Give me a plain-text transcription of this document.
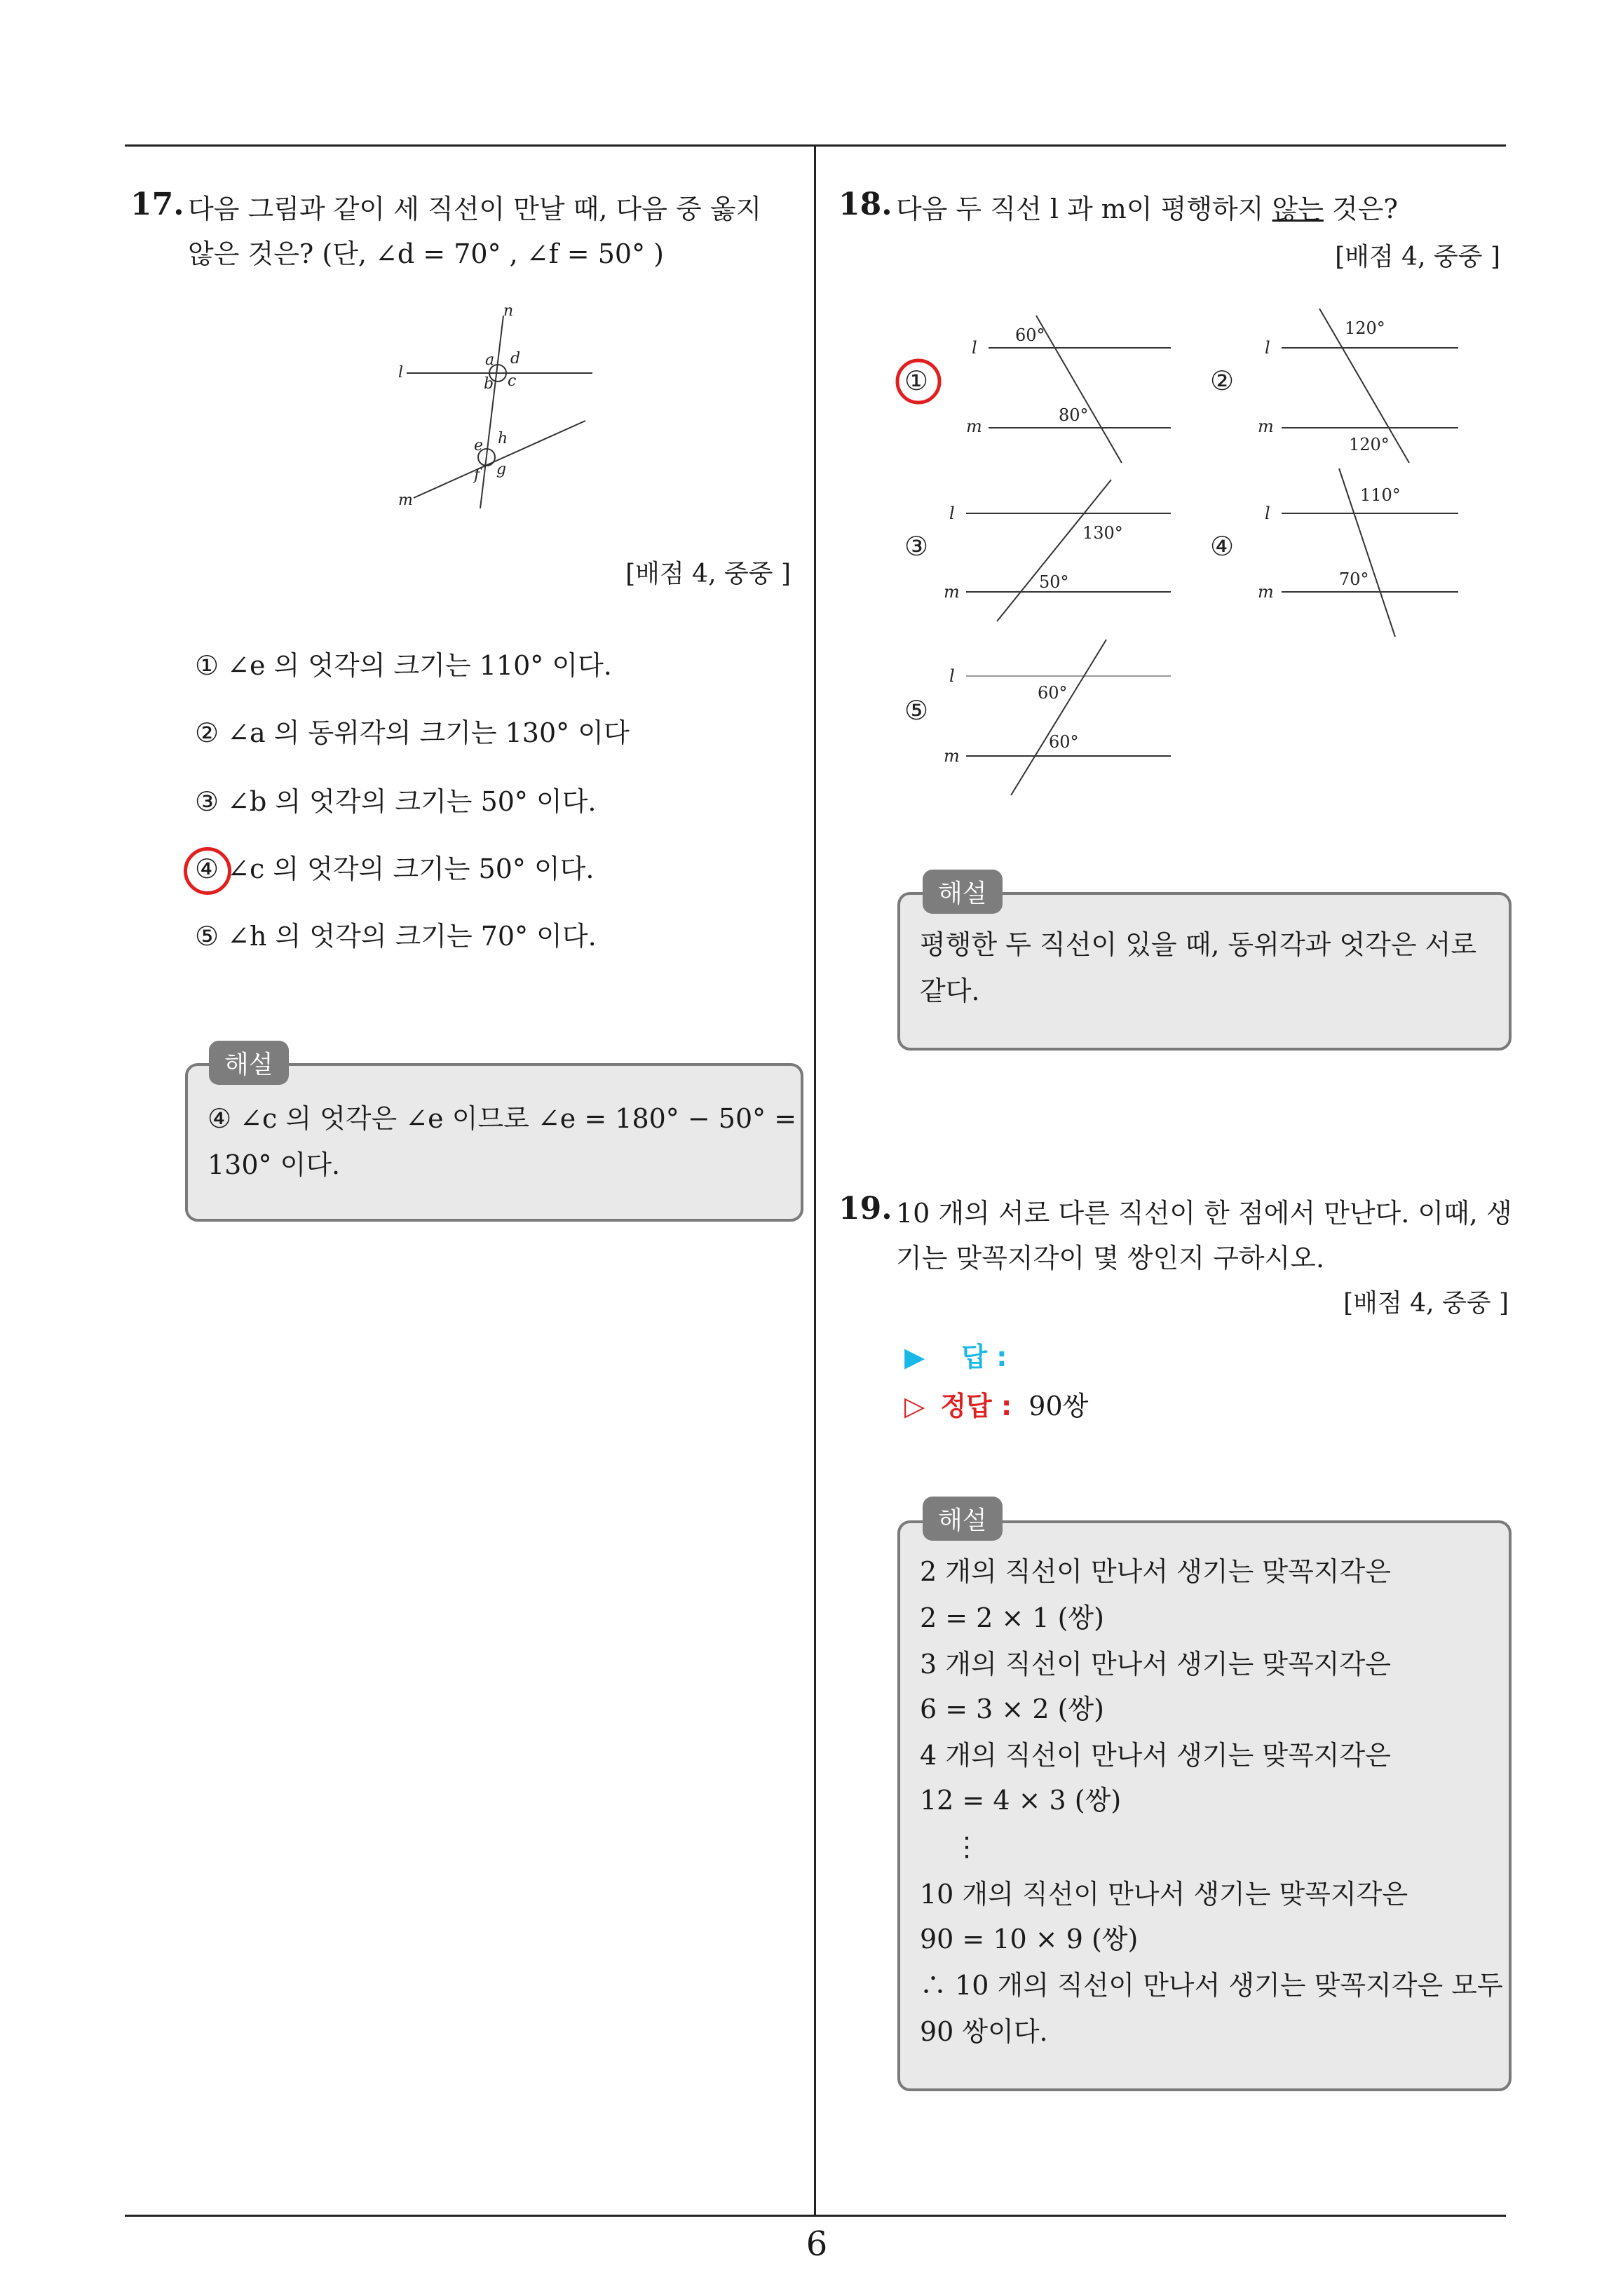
6
17. 다음 그림과 같이 세 직선이 만날 때, 다음 중 옳지
않은 것은? (단, ∠d = 70° , ∠f = 50° )
n
l
m
a d
b c
e h
f g
[배점 4, 중중 ]
① ∠e 의 엇각의 크기는 110° 이다.
② ∠a 의 동위각의 크기는 130° 이다
③ ∠b 의 엇각의 크기는 50° 이다.
④ ∠c 의 엇각의 크기는 50° 이다.
⑤ ∠h 의 엇각의 크기는 70° 이다.
해설
④ ∠c 의 엇각은 ∠e 이므로 ∠e = 180° − 50° =
130° 이다.
18. 다음 두 직선 l 과 m이 평행하지 않는 것은?
[배점 4, 중중 ]
60°
80°
120°
120°
130°
50°
110°
70°
60°
60°
l
m
l
m
l
m
l
m
l
m
①	②
③	④
⑤
해설
평행한 두 직선이 있을 때, 동위각과 엇각은 서로
같다.
19. 10 개의 서로 다른 직선이 한 점에서 만난다. 이때, 생
기는 맞꼭지각이 몇 쌍인지 구하시오.
[배점 4, 중중 ]
▶ 답 :
▷ 정답 : 90쌍
해설
2 개의 직선이 만나서 생기는 맞꼭지각은
2 = 2 × 1 (쌍)
3 개의 직선이 만나서 생기는 맞꼭지각은
6 = 3 × 2 (쌍)
4 개의 직선이 만나서 생기는 맞꼭지각은
12 = 4 × 3 (쌍)
⋮
10 개의 직선이 만나서 생기는 맞꼭지각은
90 = 10 × 9 (쌍)
∴ 10 개의 직선이 만나서 생기는 맞꼭지각은 모두
90 쌍이다.
